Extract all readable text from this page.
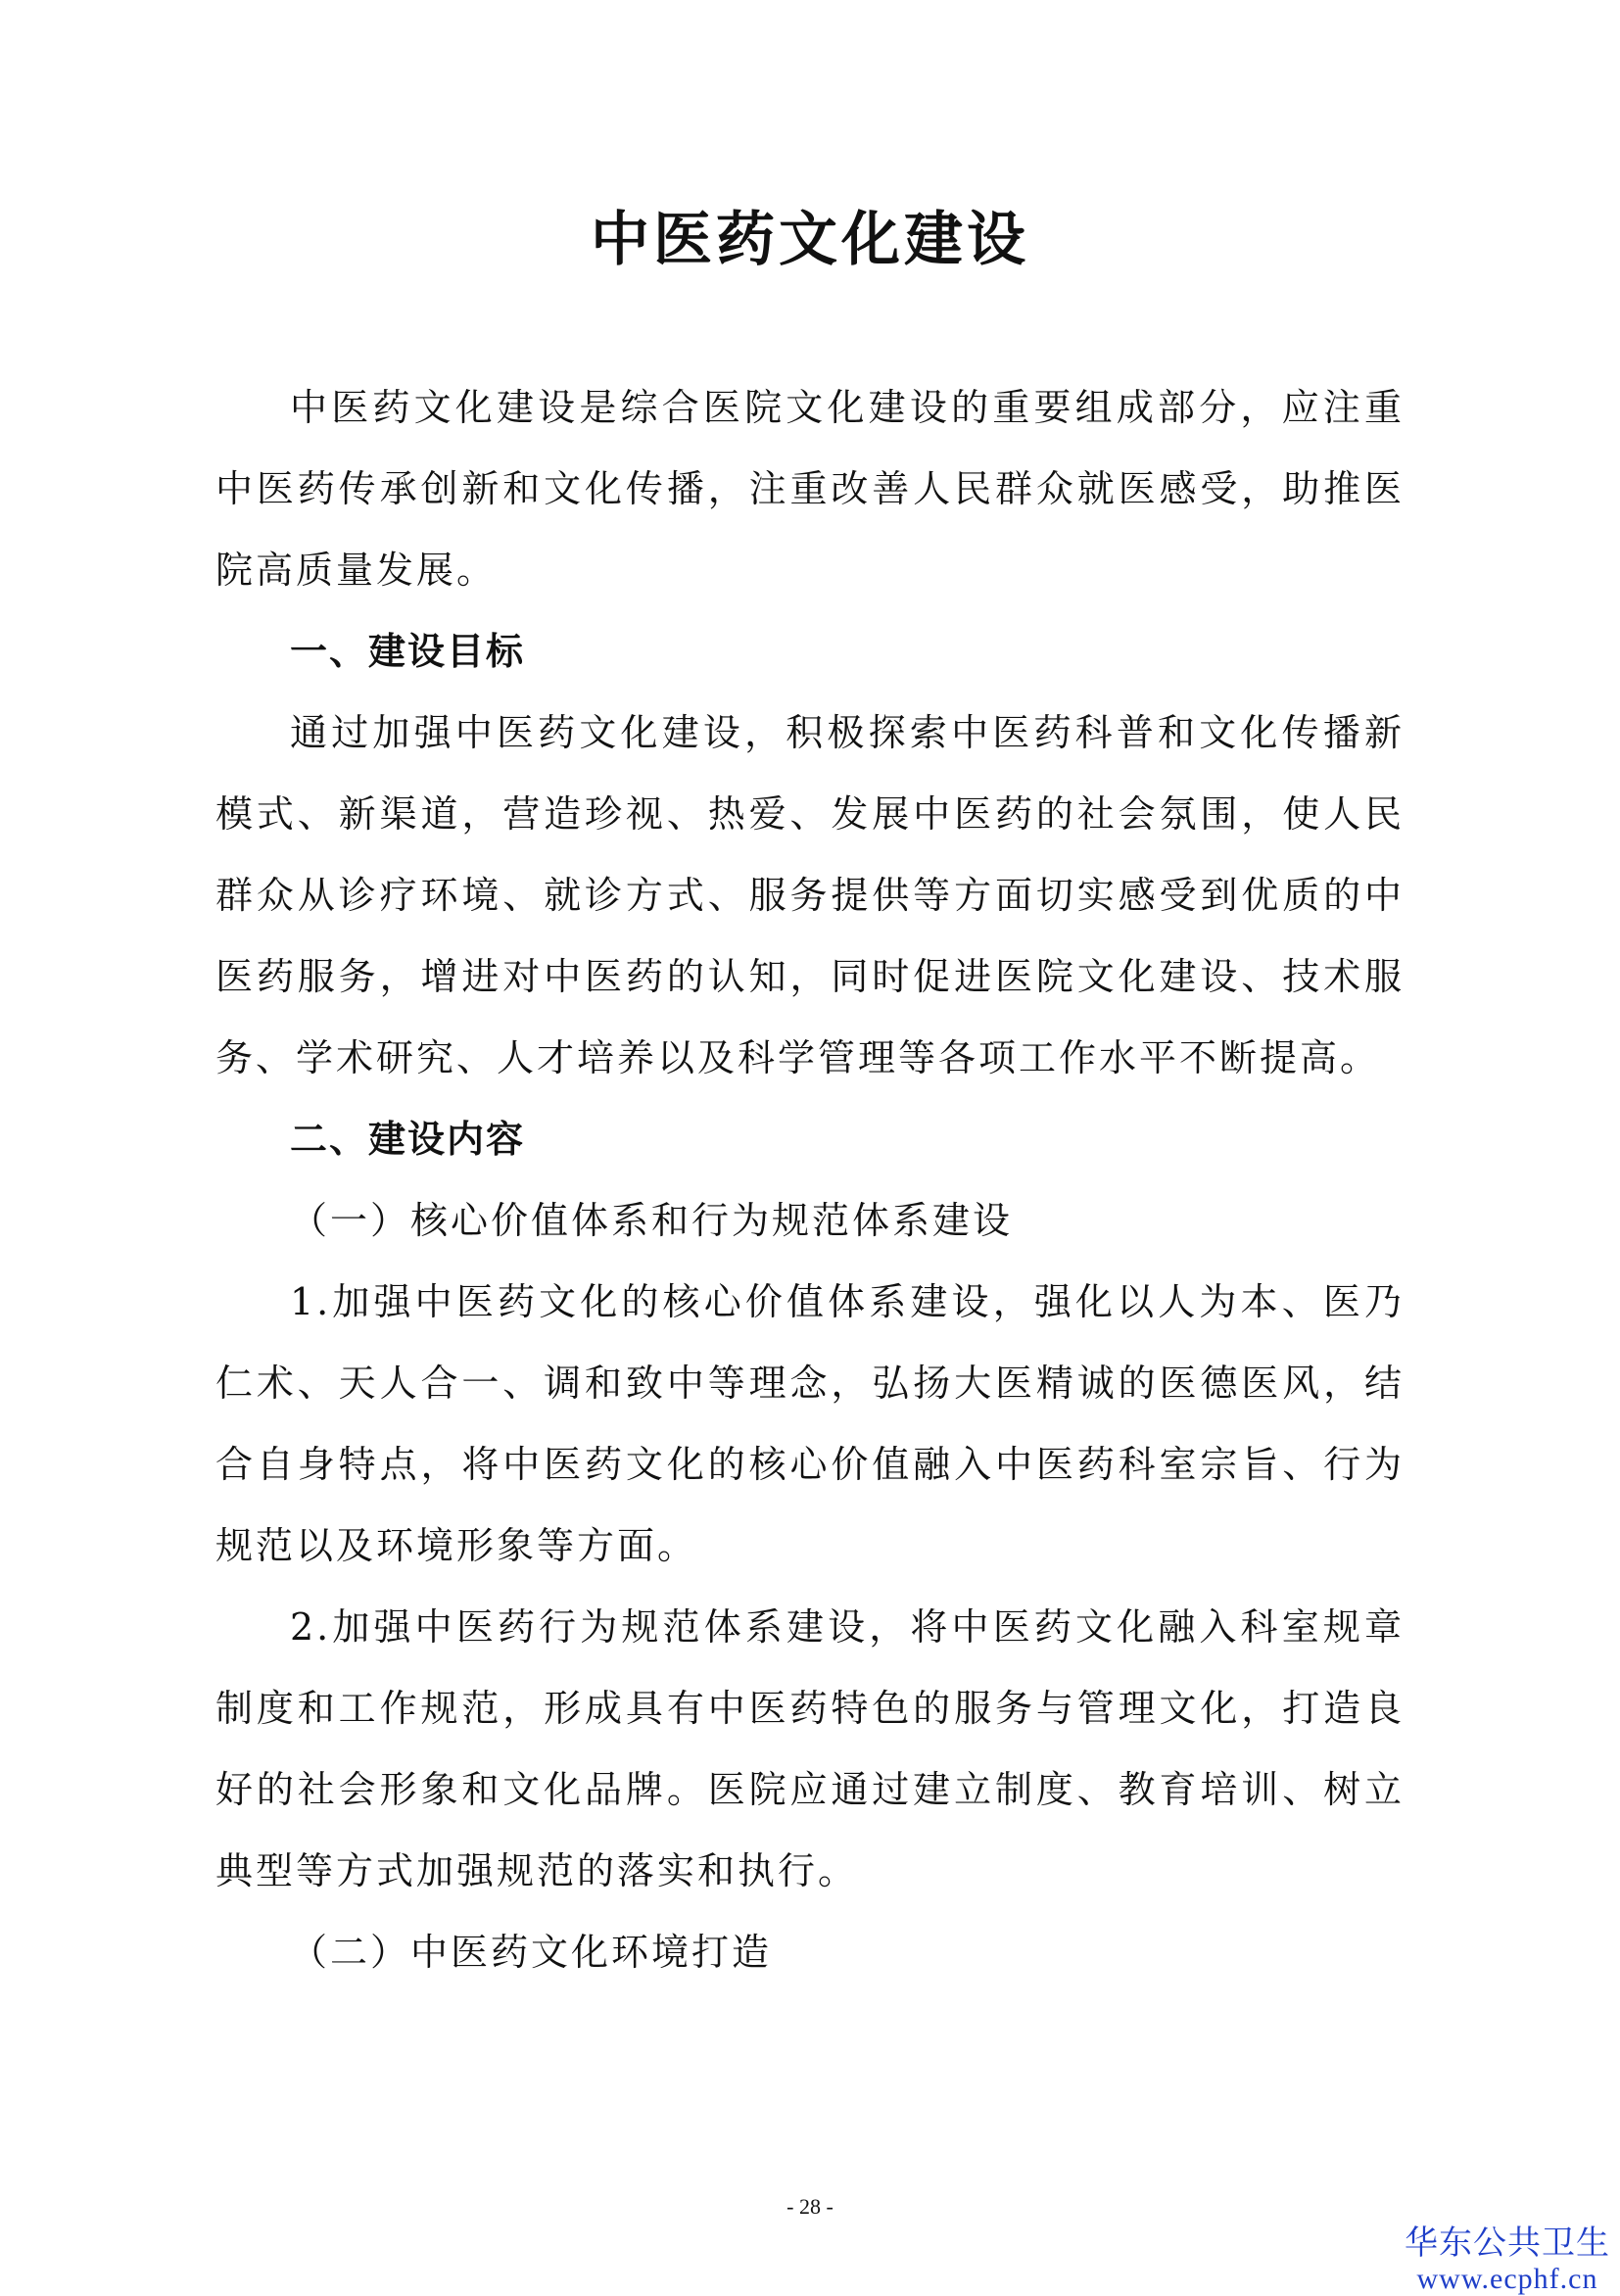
中医药文化建设

中医药文化建设是综合医院文化建设的重要组成部分，应注重中医药传承创新和文化传播，注重改善人民群众就医感受，助推医院高质量发展。

一、建设目标

通过加强中医药文化建设，积极探索中医药科普和文化传播新模式、新渠道，营造珍视、热爱、发展中医药的社会氛围，使人民群众从诊疗环境、就诊方式、服务提供等方面切实感受到优质的中医药服务，增进对中医药的认知，同时促进医院文化建设、技术服务、学术研究、人才培养以及科学管理等各项工作水平不断提高。

二、建设内容

（一）核心价值体系和行为规范体系建设

1.加强中医药文化的核心价值体系建设，强化以人为本、医乃仁术、天人合一、调和致中等理念，弘扬大医精诚的医德医风，结合自身特点，将中医药文化的核心价值融入中医药科室宗旨、行为规范以及环境形象等方面。

2.加强中医药行为规范体系建设，将中医药文化融入科室规章制度和工作规范，形成具有中医药特色的服务与管理文化，打造良好的社会形象和文化品牌。医院应通过建立制度、教育培训、树立典型等方式加强规范的落实和执行。

（二）中医药文化环境打造

- 28 -
华东公共卫生
www.ecphf.cn
